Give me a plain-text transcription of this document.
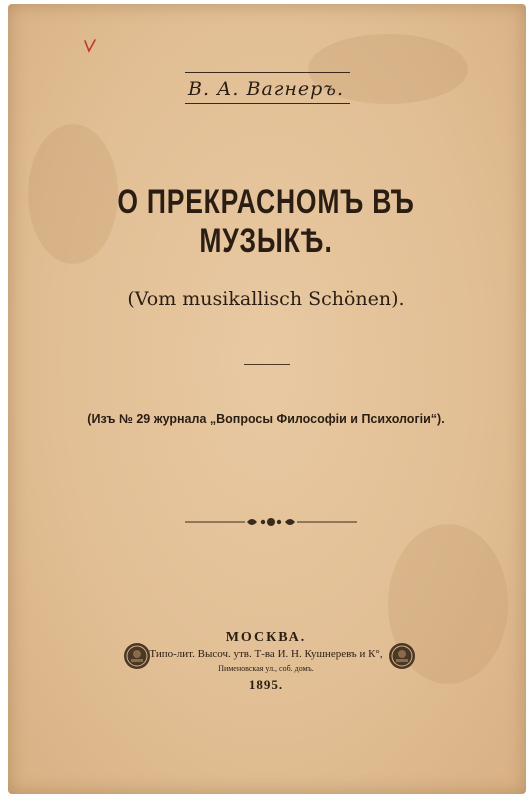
В. А. Вагнеръ.
О ПРЕКРАСНОМЪ ВЪ МУЗЫКѢ.
(Vom musikallisch Schönen).
(Изъ № 29 журнала „Вопросы Философіи и Психологіи“).
МОСКВА.
Типо-лит. Высоч. утв. Т-ва И. Н. Кушнеревъ и К°,
Пименовская ул., соб. домъ.
1895.
